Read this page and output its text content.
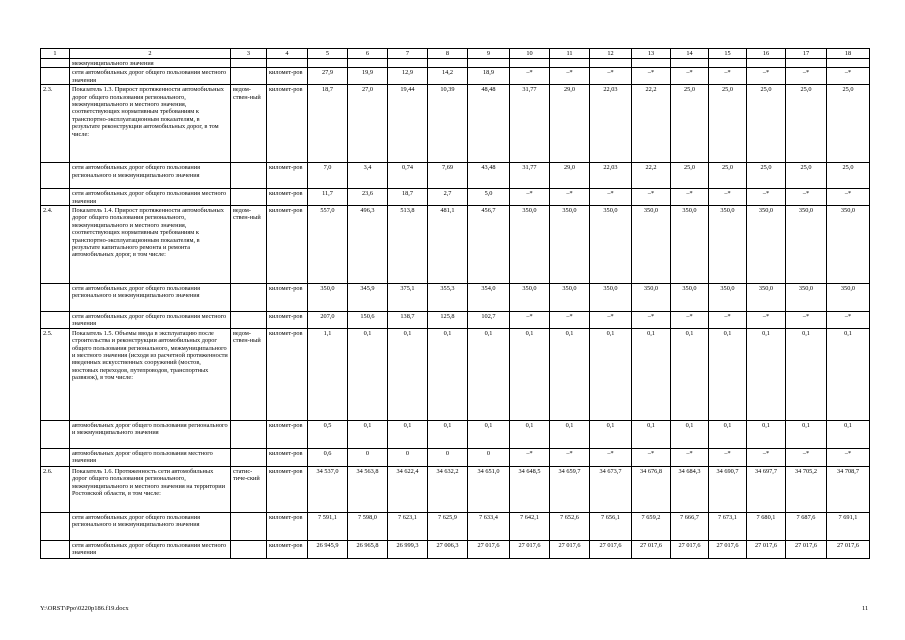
1	2	3	4	5	6	7	8	9	10	11	12	13	14	15	16	17	18
	межмуниципального значения																
	сети автомобильных дорог общего пользования местного значения		километ-ров	27,9	19,9	12,9	14,2	18,9	–*	–*	–*	–*	–*	–*	–*	–*	–*
2.3.	Показатель 1.3. Прирост протяженности автомобильных дорог общего пользования регионального, межмуниципального и местного значения, соответствующих нормативным требованиям к транспортно-эксплуатационным показателям, в результате реконструкции автомобильных дорог, в том числе:	ведом-ствен-ный	километ-ров	18,7	27,0	19,44	10,39	48,48	31,77	29,0	22,03	22,2	25,0	25,0	25,0	25,0	25,0
	сети автомобильных дорог общего пользования регионального и межмуниципального значения		километ-ров	7,0	3,4	0,74	7,69	43,48	31,77	29,0	22,03	22,2	25,0	25,0	25,0	25,0	25,0
	сети автомобильных дорог общего пользования местного значения		километ-ров	11,7	23,6	18,7	2,7	5,0	–*	–*	–*	–*	–*	–*	–*	–*	–*
2.4.	Показатель 1.4. Прирост протяженности автомобильных дорог общего пользования регионального, межмуниципального и местного значения, соответствующих нормативным требованиям к транспортно-эксплуатационным показателям, в результате капитального ремонта и ремонта автомобильных дорог, в том числе:	ведом-ствен-ный	километ-ров	557,0	496,3	513,8	481,1	456,7	350,0	350,0	350,0	350,0	350,0	350,0	350,0	350,0	350,0
	сети автомобильных дорог общего пользования регионального и межмуниципального значения		километ-ров	350,0	345,9	375,1	355,3	354,0	350,0	350,0	350,0	350,0	350,0	350,0	350,0	350,0	350,0
	сети автомобильных дорог общего пользования местного значения		километ-ров	207,0	150,6	138,7	125,8	102,7	–*	–*	–*	–*	–*	–*	–*	–*	–*
2.5.	Показатель 1.5. Объемы ввода в эксплуатацию после строительства и реконструкции автомобильных дорог общего пользования регионального, межмуниципального и местного значения (исходя из расчетной протяженности введенных искусственных сооружений (мостов, мостовых переходов, путепроводов, транспортных развязок), в том числе:	ведом-ствен-ный	километ-ров	1,1	0,1	0,1	0,1	0,1	0,1	0,1	0,1	0,1	0,1	0,1	0,1	0,1	0,1
	автомобильных дорог общего пользования регионального и межмуниципального значения		километ-ров	0,5	0,1	0,1	0,1	0,1	0,1	0,1	0,1	0,1	0,1	0,1	0,1	0,1	0,1
	автомобильных дорог общего пользования местного значения		километ-ров	0,6	0	0	0	0	–*	–*	–*	–*	–*	–*	–*	–*	–*
2.6.	Показатель 1.6. Протяженность сети автомобильных дорог общего пользования регионального, межмуниципального и местного значения на территории Ростовской области, в том числе:	статис-тиче-ский	километ-ров	34 537,0	34 563,8	34 622,4	34 632,2	34 651,0	34 648,5	34 659,7	34 673,7	34 676,8	34 684,3	34 690,7	34 697,7	34 705,2	34 708,7
	сети автомобильных дорог общего пользования регионального и межмуниципального значения		километ-ров	7 591,1	7 598,0	7 623,1	7 625,9	7 633,4	7 642,1	7 652,6	7 656,1	7 659,2	7 666,7	7 673,1	7 680,1	7 687,6	7 691,1
	сети автомобильных дорог общего пользования местного значения		километ-ров	26 945,9	26 965,8	26 999,3	27 006,3	27 017,6	27 017,6	27 017,6	27 017,6	27 017,6	27 017,6	27 017,6	27 017,6	27 017,6	27 017,6
Y:\ORST\Ppo\0220p186.f19.docx	11
